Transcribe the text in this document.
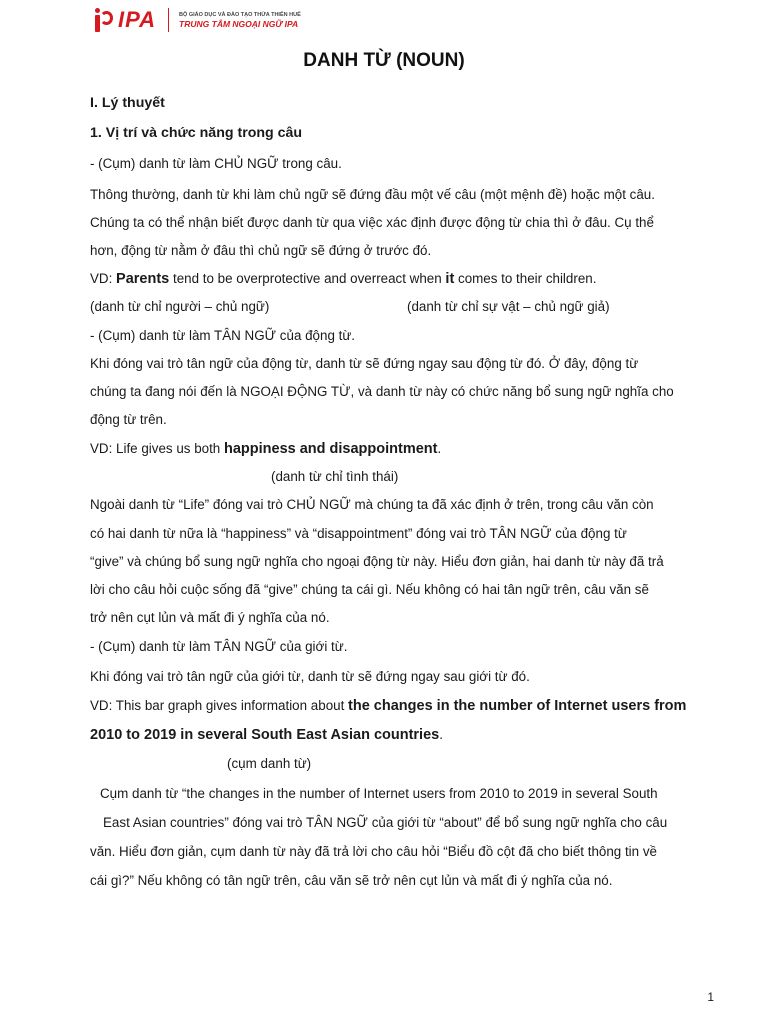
IPA	BỘ GIÁO DỤC VÀ ĐÀO TẠO THỪA THIÊN HUẾ
TRUNG TÂM NGOẠI NGỮ IPA
DANH TỪ (NOUN)
I. Lý thuyết
1. Vị trí và chức năng trong câu
- (Cụm) danh từ làm CHỦ NGỮ trong câu.
Thông thường, danh từ khi làm chủ ngữ sẽ đứng đầu một vế câu (một mệnh đề) hoặc một câu.
Chúng ta có thể nhận biết được danh từ qua việc xác định được động từ chia thì ở đâu. Cụ thể
hơn, động từ nằm ở đâu thì chủ ngữ sẽ đứng ở trước đó.
VD: Parents tend to be overprotective and overreact when it comes to their children.
(danh từ chỉ người – chủ ngữ)	(danh từ chỉ sự vật – chủ ngữ giả)
- (Cụm) danh từ làm TÂN NGỮ của động từ.
Khi đóng vai trò tân ngữ của động từ, danh từ sẽ đứng ngay sau động từ đó. Ở đây, động từ
chúng ta đang nói đến là NGOẠI ĐỘNG TỪ, và danh từ này có chức năng bổ sung ngữ nghĩa cho
động từ trên.
VD: Life gives us both happiness and disappointment.
(danh từ chỉ tình thái)
Ngoài danh từ “Life” đóng vai trò CHỦ NGỮ mà chúng ta đã xác định ở trên, trong câu văn còn
có hai danh từ nữa là “happiness” và “disappointment” đóng vai trò TÂN NGỮ của động từ
“give” và chúng bổ sung ngữ nghĩa cho ngoại động từ này. Hiểu đơn giản, hai danh từ này đã trả
lời cho câu hỏi cuộc sống đã “give” chúng ta cái gì. Nếu không có hai tân ngữ trên, câu văn sẽ
trở nên cụt lủn và mất đi ý nghĩa của nó.
- (Cụm) danh từ làm TÂN NGỮ của giới từ.
Khi đóng vai trò tân ngữ của giới từ, danh từ sẽ đứng ngay sau giới từ đó.
VD: This bar graph gives information about the changes in the number of Internet users from
2010 to 2019 in several South East Asian countries.
(cụm danh từ)
Cụm danh từ “the changes in the number of Internet users from 2010 to 2019 in several South
East Asian countries” đóng vai trò TÂN NGỮ của giới từ “about” để bổ sung ngữ nghĩa cho câu
văn. Hiểu đơn giản, cụm danh từ này đã trả lời cho câu hỏi “Biểu đồ cột đã cho biết thông tin về
cái gì?” Nếu không có tân ngữ trên, câu văn sẽ trở nên cụt lủn và mất đi ý nghĩa của nó.
1
